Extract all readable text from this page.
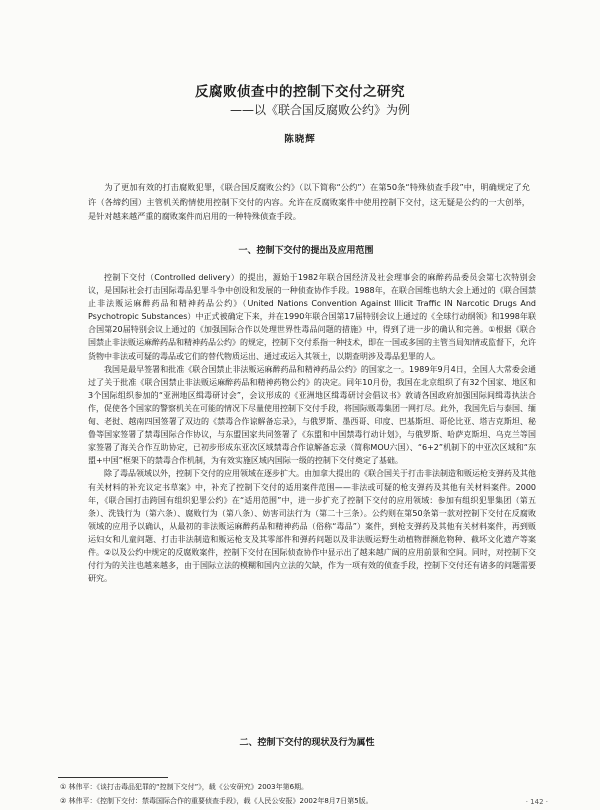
反腐败侦查中的控制下交付之研究
——以《联合国反腐败公约》为例
陈晓辉

为了更加有效的打击腐败犯罪，《联合国反腐败公约》（以下简称“公约”）在第50条“特殊侦查手段”中，明确规定了允许（各缔约国）主管机关酌情使用控制下交付的内容。允许在反腐败案件中使用控制下交付，这无疑是公约的一大创举，是针对越来越严重的腐败案件而启用的一种特殊侦查手段。

一、控制下交付的提出及应用范围

控制下交付（Controlled delivery）的提出，源始于1982年联合国经济及社会理事会的麻醉药品委员会第七次特别会议，是国际社会打击国际毒品犯罪斗争中创设和发展的一种侦查协作手段。1988年，在联合国维也纳大会上通过的《联合国禁止非法贩运麻醉药品和精神药品公约》（United Nations Convention Against Illicit Traffic IN Narcotic Drugs And Psychotropic Substances）中正式被确定下来，并在1990年联合国第17届特别会议上通过的《全球行动纲领》和1998年联合国第20届特别会议上通过的《加强国际合作以处理世界性毒品问题的措施》中，得到了进一步的确认和完善。①根据《联合国禁止非法贩运麻醉药品和精神药品公约》的规定，控制下交付系指一种技术，即在一国或多国的主管当局知情或监督下，允许货物中非法或可疑的毒品或它们的替代物质运出、通过或运入其领土，以期查明涉及毒品犯罪的人。

我国是最早签署和批准《联合国禁止非法贩运麻醉药品和精神药品公约》的国家之一。1989年9月4日，全国人大常委会通过了关于批准《联合国禁止非法贩运麻醉药品和精神药物公约》的决定。同年10月份，我国在北京组织了有32个国家、地区和3个国际组织参加的“亚洲地区缉毒研讨会”，会议形成的《亚洲地区缉毒研讨会倡议书》敦请各国政府加强国际间缉毒执法合作，促使各个国家的警察机关在可能的情况下尽量使用控制下交付手段，将国际贩毒集团一网打尽。此外，我国先后与泰国、缅甸、老挝、越南四国签署了双边的《禁毒合作谅解备忘录》，与俄罗斯、墨西哥、印度、巴基斯坦、哥伦比亚、塔吉克斯坦、秘鲁等国家签署了禁毒国际合作协议，与东盟国家共同签署了《东盟和中国禁毒行动计划》，与俄罗斯、哈萨克斯坦、乌克兰等国家签署了海关合作互助协定，已初步形成东亚次区域禁毒合作谅解备忘录（简称MOU六国）、“6+2”机制下的中亚次区域和“东盟+中国”框架下的禁毒合作机制，为有效实施区域内国际一级的控制下交付奠定了基础。

除了毒品领域以外，控制下交付的应用领域在逐步扩大。由加拿大提出的《联合国关于打击非法制造和贩运枪支弹药及其他有关材料的补充议定书草案》中，补充了控制下交付的适用案件范围——非法或可疑的枪支弹药及其他有关材料案件。2000年，《联合国打击跨国有组织犯罪公约》在“适用范围”中，进一步扩充了控制下交付的应用领域：参加有组织犯罪集团（第五条）、洗钱行为（第六条）、腐败行为（第八条）、妨害司法行为（第二十三条）。公约则在第50条第一款对控制下交付在反腐败领域的应用予以确认，从最初的非法贩运麻醉药品和精神药品（俗称“毒品”）案件，到枪支弹药及其他有关材料案件，再到贩运妇女和儿童问题、打击非法制造和贩运枪支及其零部件和弹药问题以及非法贩运野生动植物群濒危物种、截坏文化遗产等案件。②以及公约中规定的反腐败案件，控制下交付在国际侦查协作中显示出了越来越广阔的应用前景和空间。同时，对控制下交付行为的关注也越来越多，由于国际立法的模糊和国内立法的欠缺，作为一项有效的侦查手段，控制下交付还有诸多的问题需要研究。

二、控制下交付的现状及行为属性
① 林伟平：《谈打击毒品犯罪的“控制下交付”》，载《公安研究》2003年第6期。
② 林伟平：《控制下交付：禁毒国际合作的重要侦查手段》，载《人民公安报》2002年8月7日第5版。	· 142 ·
